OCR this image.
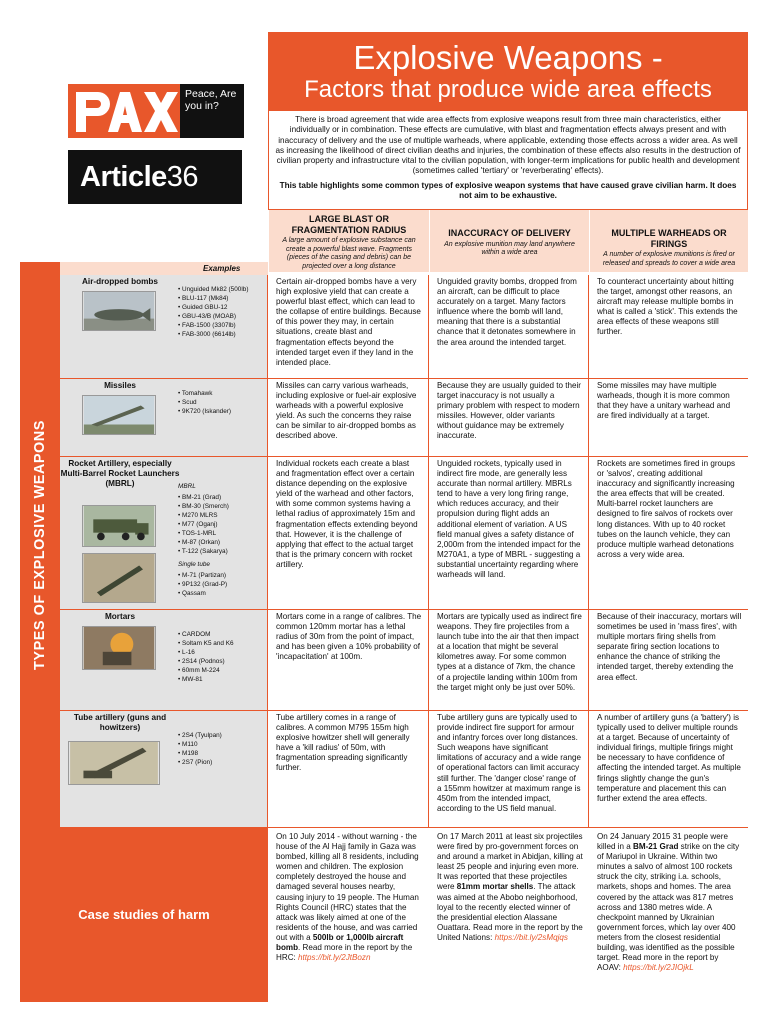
Peace, Are you in?
Article36
Explosive Weapons -
Factors that produce wide area effects

There is broad agreement that wide area effects from explosive weapons result from three main characteristics, either individually or in combination. These effects are cumulative, with blast and fragmentation effects always present and with inaccuracy of delivery and the use of multiple warheads, where applicable, extending those effects across a wider area. As well as increasing the likelihood of direct civilian deaths and injuries, the combination of these effects also results in the destruction of civilian property and infrastructure vital to the civilian population, with longer-term implications for public health and development (sometimes called 'tertiary' or 'reverberating' effects).

This table highlights some common types of explosive weapon systems that have caused grave civilian harm. It does not aim to be exhaustive.

LARGE BLAST OR FRAGMENTATION RADIUS
A large amount of explosive substance can create a powerful blast wave. Fragments (pieces of the casing and debris) can be projected over a long distance
INACCURACY OF DELIVERY
An explosive munition may land anywhere within a wide area
MULTIPLE WARHEADS OR FIRINGS
A number of explosive munitions is fired or released and spreads to cover a wide area
TYPES OF EXPLOSIVE WEAPONS
Examples
Air-dropped bombs
• Unguided Mk82 (500lb)
• BLU-117 (Mk84)
• Guided GBU-12
• GBU-43/B (MOAB)
• FAB-1500 (3307lb)
• FAB-3000 (6614lb)
Certain air-dropped bombs have a very high explosive yield that can create a powerful blast effect, which can lead to the collapse of entire buildings. Because of this power they may, in certain situations, create blast and fragmentation effects beyond the intended target even if they land in the intended place.
Unguided gravity bombs, dropped from an aircraft, can be difficult to place accurately on a target. Many factors influence where the bomb will land, meaning that there is a substantial chance that it detonates somewhere in the area around the intended target.
To counteract uncertainty about hitting the target, amongst other reasons, an aircraft may release multiple bombs in what is called a 'stick'. This extends the area effects of these weapons still further.
Missiles
• Tomahawk
• Scud
• 9K720 (Iskander)
Missiles can carry various warheads, including explosive or fuel-air explosive warheads with a powerful explosive yield. As such the concerns they raise can be similar to air-dropped bombs as described above.
Because they are usually guided to their target inaccuracy is not usually a primary problem with respect to modern missiles. However, older variants without guidance may be extremely inaccurate.
Some missiles may have multiple warheads, though it is more common that they have a unitary warhead and are fired individually at a target.
Rocket Artillery, especially Multi-Barrel Rocket Launchers (MBRL)	MBRL
• BM-21 (Grad)
• BM-30 (Smerch)
• M270 MLRS
• M77 (Oganj)
• TOS-1-MRL
• M-87 (Orkan)
• T-122 (Sakarya)
Single tube
• M-71 (Partizan)
• 9P132 (Grad-P)
• Qassam
Individual rockets each create a blast and fragmentation effect over a certain distance depending on the explosive yield of the warhead and other factors, with some common systems having a lethal radius of approximately 15m and fragmentation effects extending beyond that. However, it is the challenge of applying that effect to the actual target that is the primary concern with rocket artillery.
Unguided rockets, typically used in indirect fire mode, are generally less accurate than normal artillery. MBRLs tend to have a very long firing range, which reduces accuracy, and their propulsion during flight adds an additional element of variation. A US field manual gives a safety distance of 2,000m from the intended impact for the M270A1, a type of MBRL - suggesting a substantial uncertainty regarding where warheads will land.
Rockets are sometimes fired in groups or 'salvos', creating additional inaccuracy and significantly increasing the area effects that will be created. Multi-barrel rocket launchers are designed to fire salvos of rockets over long distances. With up to 40 rocket tubes on the launch vehicle, they can produce multiple warhead detonations across a very wide area.
Mortars
• CARDOM
• Soltam K5 and K6
• L-16
• 2S14 (Podnos)
• 60mm M-224
• MW-81
Mortars come in a range of calibres. The common 120mm mortar has a lethal radius of 30m from the point of impact, and has been given a 10% probability of 'incapacitation' at 100m.
Mortars are typically used as indirect fire weapons. They fire projectiles from a launch tube into the air that then impact at a location that might be several kilometres away. For some common types at a distance of 7km, the chance of a projectile landing within 100m from the target might only be just over 50%.
Because of their inaccuracy, mortars will sometimes be used in 'mass fires', with multiple mortars firing shells from separate firing section locations to enhance the chance of striking the intended target, thereby extending the area effect.
Tube artillery (guns and howitzers)
• 2S4 (Tyulpan)
• M110
• M198
• 2S7 (Pion)
Tube artillery comes in a range of calibres. A common M795 155m high explosive howitzer shell will generally have a 'kill radius' of 50m, with fragmentation spreading significantly further.
Tube artillery guns are typically used to provide indirect fire support for armour and infantry forces over long distances. Such weapons have significant limitations of accuracy and a wide range of operational factors can limit accuracy still further. The 'danger close' range of a 155mm howitzer at maximum range is 450m from the intended impact, according to the US field manual.
A number of artillery guns (a 'battery') is typically used to deliver multiple rounds at a target. Because of uncertainty of individual firings, multiple firings might be necessary to have confidence of affecting the intended target. As multiple firings slightly change the gun's temperature and placement this can further extend the area effects.
Case studies of harm
On 10 July 2014 - without warning - the house of the Al Hajj family in Gaza was bombed, killing all 8 residents, including women and children. The explosion completely destroyed the house and damaged several houses nearby, causing injury to 19 people. The Human Rights Council (HRC) states that the attack was likely aimed at one of the residents of the house, and was carried out with a 500lb or 1,000lb aircraft bomb. Read more in the report by the HRC: https://bit.ly/2JtBozn
On 17 March 2011 at least six projectiles were fired by pro-government forces on and around a market in Abidjan, killing at least 25 people and injuring even more. It was reported that these projectiles were 81mm mortar shells. The attack was aimed at the Abobo neighborhood, loyal to the recently elected winner of the presidential election Alassane Ouattara. Read more in the report by the United Nations: https://bit.ly/2sMqjqs
On 24 January 2015 31 people were killed in a BM-21 Grad strike on the city of Mariupol in Ukraine. Within two minutes a salvo of almost 100 rockets struck the city, striking i.a. schools, markets, shops and homes. The area covered by the attack was 817 metres across and 1380 metres wide. A checkpoint manned by Ukrainian government forces, which lay over 400 meters from the closest residential building, was identified as the possible target. Read more in the report by AOAV: https://bit.ly/2JIOjkL
